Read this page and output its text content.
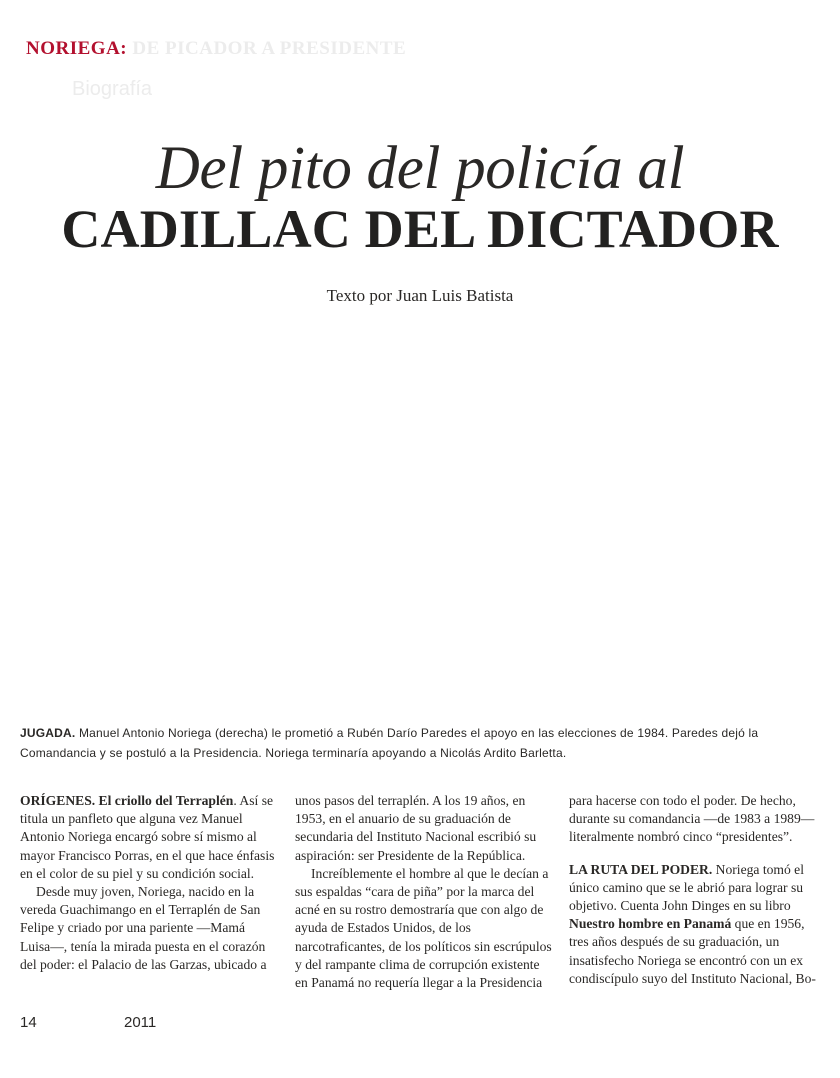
NORIEGA: DE PICADOR A PRESIDENTE
Biografía
Del pito del policía al
CADILLAC DEL DICTADOR
Texto por Juan Luis Batista
JUGADA. Manuel Antonio Noriega (derecha) le prometió a Rubén Darío Paredes el apoyo en las elecciones de 1984. Paredes dejó la Comandancia y se postuló a la Presidencia. Noriega terminaría apoyando a Nicolás Ardito Barletta.

ORÍGENES. El criollo del Terraplén. Así se titula un panfleto que alguna vez Manuel Antonio Noriega encargó sobre sí mismo al mayor Francisco Porras, en el que hace énfasis en el color de su piel y su condición social.

Desde muy joven, Noriega, nacido en la vereda Guachimango en el Terraplén de San Felipe y criado por una pariente —Mamá Luisa—, tenía la mirada puesta en el corazón del poder: el Palacio de las Garzas, ubicado a

unos pasos del terraplén. A los 19 años, en 1953, en el anuario de su graduación de secundaria del Instituto Nacional escribió su aspiración: ser Presidente de la República.

Increíblemente el hombre al que le decían a sus espaldas “cara de piña” por la marca del acné en su rostro demostraría que con algo de ayuda de Estados Unidos, de los narcotraficantes, de los políticos sin escrúpulos y del rampante clima de corrupción existente en Panamá no requería llegar a la Presidencia

para hacerse con todo el poder. De hecho, durante su comandancia —de 1983 a 1989— literalmente nombró cinco “presidentes”.

LA RUTA DEL PODER. Noriega tomó el único camino que se le abrió para lograr su objetivo. Cuenta John Dinges en su libro Nuestro hombre en Panamá que en 1956, tres años después de su graduación, un insatisfecho Noriega se encontró con un ex condiscípulo suyo del Instituto Nacional, Bo-

14	2011
